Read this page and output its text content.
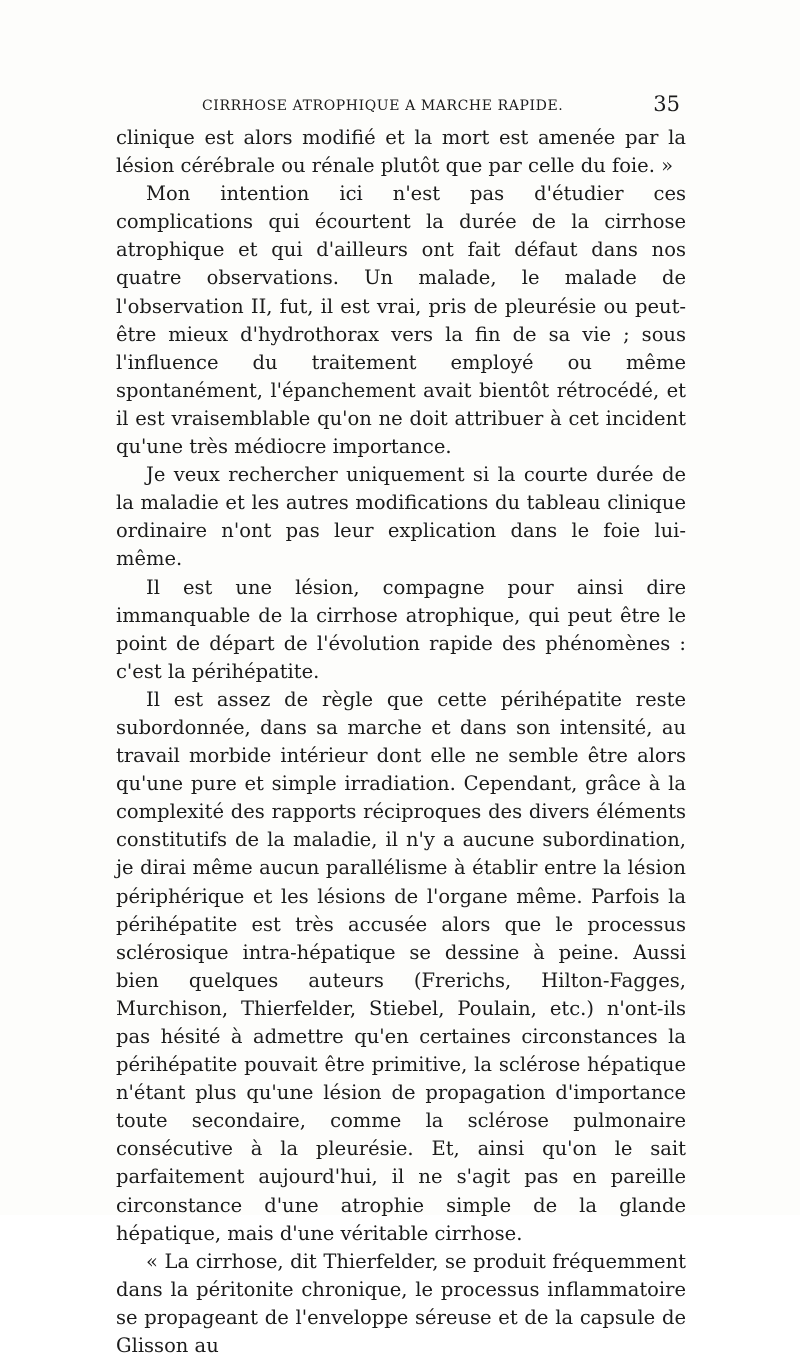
CIRRHOSE ATROPHIQUE A MARCHE RAPIDE.	35

clinique est alors modifié et la mort est amenée par la lésion cérébrale ou rénale plutôt que par celle du foie. »

Mon intention ici n'est pas d'étudier ces complications qui écourtent la durée de la cirrhose atrophique et qui d'ailleurs ont fait défaut dans nos quatre observations. Un malade, le malade de l'observation II, fut, il est vrai, pris de pleurésie ou peut-être mieux d'hydrothorax vers la fin de sa vie ; sous l'influence du traitement employé ou même spontanément, l'épanchement avait bientôt rétrocédé, et il est vraisemblable qu'on ne doit attribuer à cet incident qu'une très médiocre importance.

Je veux rechercher uniquement si la courte durée de la maladie et les autres modifications du tableau clinique ordinaire n'ont pas leur explication dans le foie lui-même.

Il est une lésion, compagne pour ainsi dire immanquable de la cirrhose atrophique, qui peut être le point de départ de l'évolution rapide des phénomènes : c'est la périhépatite.

Il est assez de règle que cette périhépatite reste subordonnée, dans sa marche et dans son intensité, au travail morbide intérieur dont elle ne semble être alors qu'une pure et simple irradiation. Cependant, grâce à la complexité des rapports réciproques des divers éléments constitutifs de la maladie, il n'y a aucune subordination, je dirai même aucun parallélisme à établir entre la lésion périphérique et les lésions de l'organe même. Parfois la périhépatite est très accusée alors que le processus sclérosique intra-hépatique se dessine à peine. Aussi bien quelques auteurs (Frerichs, Hilton-Fagges, Murchison, Thierfelder, Stiebel, Poulain, etc.) n'ont-ils pas hésité à admettre qu'en certaines circonstances la périhépatite pouvait être primitive, la sclérose hépatique n'étant plus qu'une lésion de propagation d'importance toute secondaire, comme la sclérose pulmonaire consécutive à la pleurésie. Et, ainsi qu'on le sait parfaitement aujourd'hui, il ne s'agit pas en pareille circonstance d'une atrophie simple de la glande hépatique, mais d'une véritable cirrhose.

« La cirrhose, dit Thierfelder, se produit fréquemment dans la péritonite chronique, le processus inflammatoire se propageant de l'enveloppe séreuse et de la capsule de Glisson au
